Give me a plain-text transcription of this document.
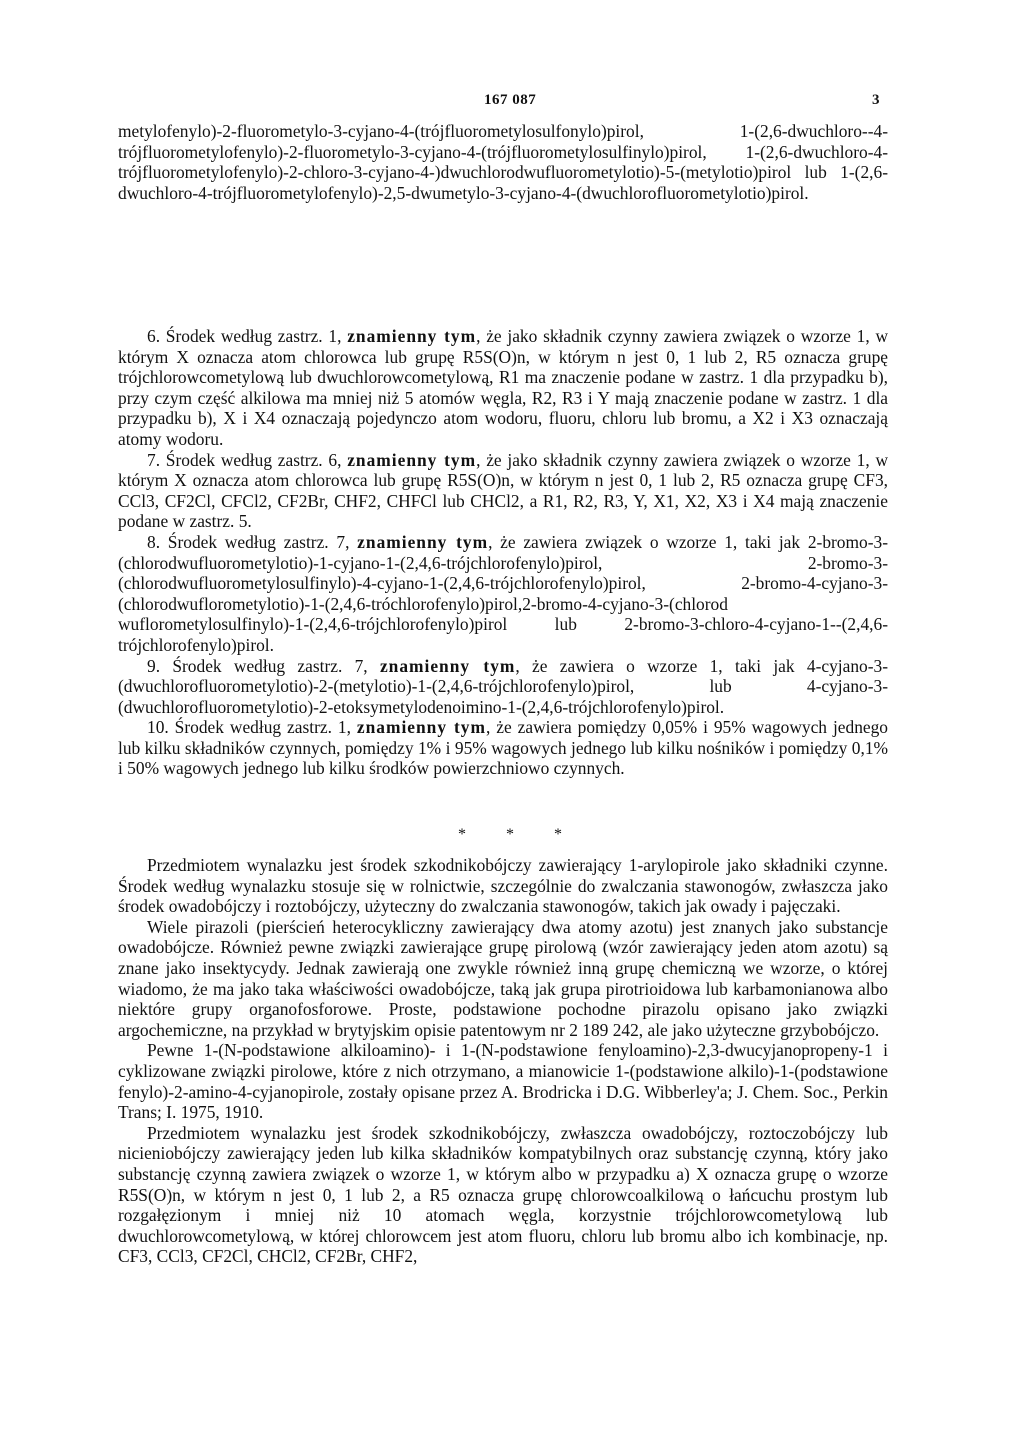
167 087	3

metylofenylo)-2-fluorometylo-3-cyjano-4-(trójfluorometylosulfonylo)pirol, 1-(2,6-dwuchloro--4-trójfluorometylofenylo)-2-fluorometylo-3-cyjano-4-(trójfluorometylosulfinylo)pirol, 1-(2,6-dwuchloro-4-trójfluorometylofenylo)-2-chloro-3-cyjano-4-)dwuchlorodwufluorometylotio)-5-(metylotio)pirol lub 1-(2,6-dwuchloro-4-trójfluorometylofenylo)-2,5-dwumetylo-3-cyjano-4-(dwuchlorofluorometylotio)pirol.

6. Środek według zastrz. 1, znamienny tym, że jako składnik czynny zawiera związek o wzorze 1, w którym X oznacza atom chlorowca lub grupę R5S(O)n, w którym n jest 0, 1 lub 2, R5 oznacza grupę trójchlorowcometylową lub dwuchlorowcometylową, R1 ma znaczenie podane w zastrz. 1 dla przypadku b), przy czym część alkilowa ma mniej niż 5 atomów węgla, R2, R3 i Y mają znaczenie podane w zastrz. 1 dla przypadku b), X i X4 oznaczają pojedynczo atom wodoru, fluoru, chloru lub bromu, a X2 i X3 oznaczają atomy wodoru.

7. Środek według zastrz. 6, znamienny tym, że jako składnik czynny zawiera związek o wzorze 1, w którym X oznacza atom chlorowca lub grupę R5S(O)n, w którym n jest 0, 1 lub 2, R5 oznacza grupę CF3, CCl3, CF2Cl, CFCl2, CF2Br, CHF2, CHFCl lub CHCl2, a R1, R2, R3, Y, X1, X2, X3 i X4 mają znaczenie podane w zastrz. 5.

8. Środek według zastrz. 7, znamienny tym, że zawiera związek o wzorze 1, taki jak 2-bromo-3-(chlorodwufluorometylotio)-1-cyjano-1-(2,4,6-trójchlorofenylo)pirol, 2-bromo-3-(chlorodwufluorometylosulfinylo)-4-cyjano-1-(2,4,6-trójchlorofenylo)pirol, 2-bromo-4-cyjano-3-(chlorodwuflorometylotio)-1-(2,4,6-tróchlorofenylo)pirol,2-bromo-4-cyjano-3-(chlorod wuflorometylosulfinylo)-1-(2,4,6-trójchlorofenylo)pirol lub 2-bromo-3-chloro-4-cyjano-1--(2,4,6-trójchlorofenylo)pirol.

9. Środek według zastrz. 7, znamienny tym, że zawiera o wzorze 1, taki jak 4-cyjano-3-(dwuchlorofluorometylotio)-2-(metylotio)-1-(2,4,6-trójchlorofenylo)pirol, lub 4-cyjano-3-(dwuchlorofluorometylotio)-2-etoksymetylodenoimino-1-(2,4,6-trójchlorofenylo)pirol.

10. Środek według zastrz. 1, znamienny tym, że zawiera pomiędzy 0,05% i 95% wagowych jednego lub kilku składników czynnych, pomiędzy 1% i 95% wagowych jednego lub kilku nośników i pomiędzy 0,1% i 50% wagowych jednego lub kilku środków powierzchniowo czynnych.

* * *

Przedmiotem wynalazku jest środek szkodnikobójczy zawierający 1-arylopirole jako składniki czynne. Środek według wynalazku stosuje się w rolnictwie, szczególnie do zwalczania stawonogów, zwłaszcza jako środek owadobójczy i roztobójczy, użyteczny do zwalczania stawonogów, takich jak owady i pajęczaki.

Wiele pirazoli (pierścień heterocykliczny zawierający dwa atomy azotu) jest znanych jako substancje owadobójcze. Również pewne związki zawierające grupę pirolową (wzór zawierający jeden atom azotu) są znane jako insektycydy. Jednak zawierają one zwykle również inną grupę chemiczną we wzorze, o której wiadomo, że ma jako taka właściwości owadobójcze, taką jak grupa pirotrioidowa lub karbamonianowa albo niektóre grupy organofosforowe. Proste, podstawione pochodne pirazolu opisano jako związki argochemiczne, na przykład w brytyjskim opisie patentowym nr 2 189 242, ale jako użyteczne grzybobójczo.

Pewne 1-(N-podstawione alkiloamino)- i 1-(N-podstawione fenyloamino)-2,3-dwucyjanopropeny-1 i cyklizowane związki pirolowe, które z nich otrzymano, a mianowicie 1-(podstawione alkilo)-1-(podstawione fenylo)-2-amino-4-cyjanopirole, zostały opisane przez A. Brodricka i D.G. Wibberley'a; J. Chem. Soc., Perkin Trans; I. 1975, 1910.

Przedmiotem wynalazku jest środek szkodnikobójczy, zwłaszcza owadobójczy, roztoczobójczy lub nicieniobójczy zawierający jeden lub kilka składników kompatybilnych oraz substancję czynną, który jako substancję czynną zawiera związek o wzorze 1, w którym albo w przypadku a) X oznacza grupę o wzorze R5S(O)n, w którym n jest 0, 1 lub 2, a R5 oznacza grupę chlorowcoalkilową o łańcuchu prostym lub rozgałęzionym i mniej niż 10 atomach węgla, korzystnie trójchlorowcometylową lub dwuchlorowcometylową, w której chlorowcem jest atom fluoru, chloru lub bromu albo ich kombinacje, np. CF3, CCl3, CF2Cl, CHCl2, CF2Br, CHF2,
